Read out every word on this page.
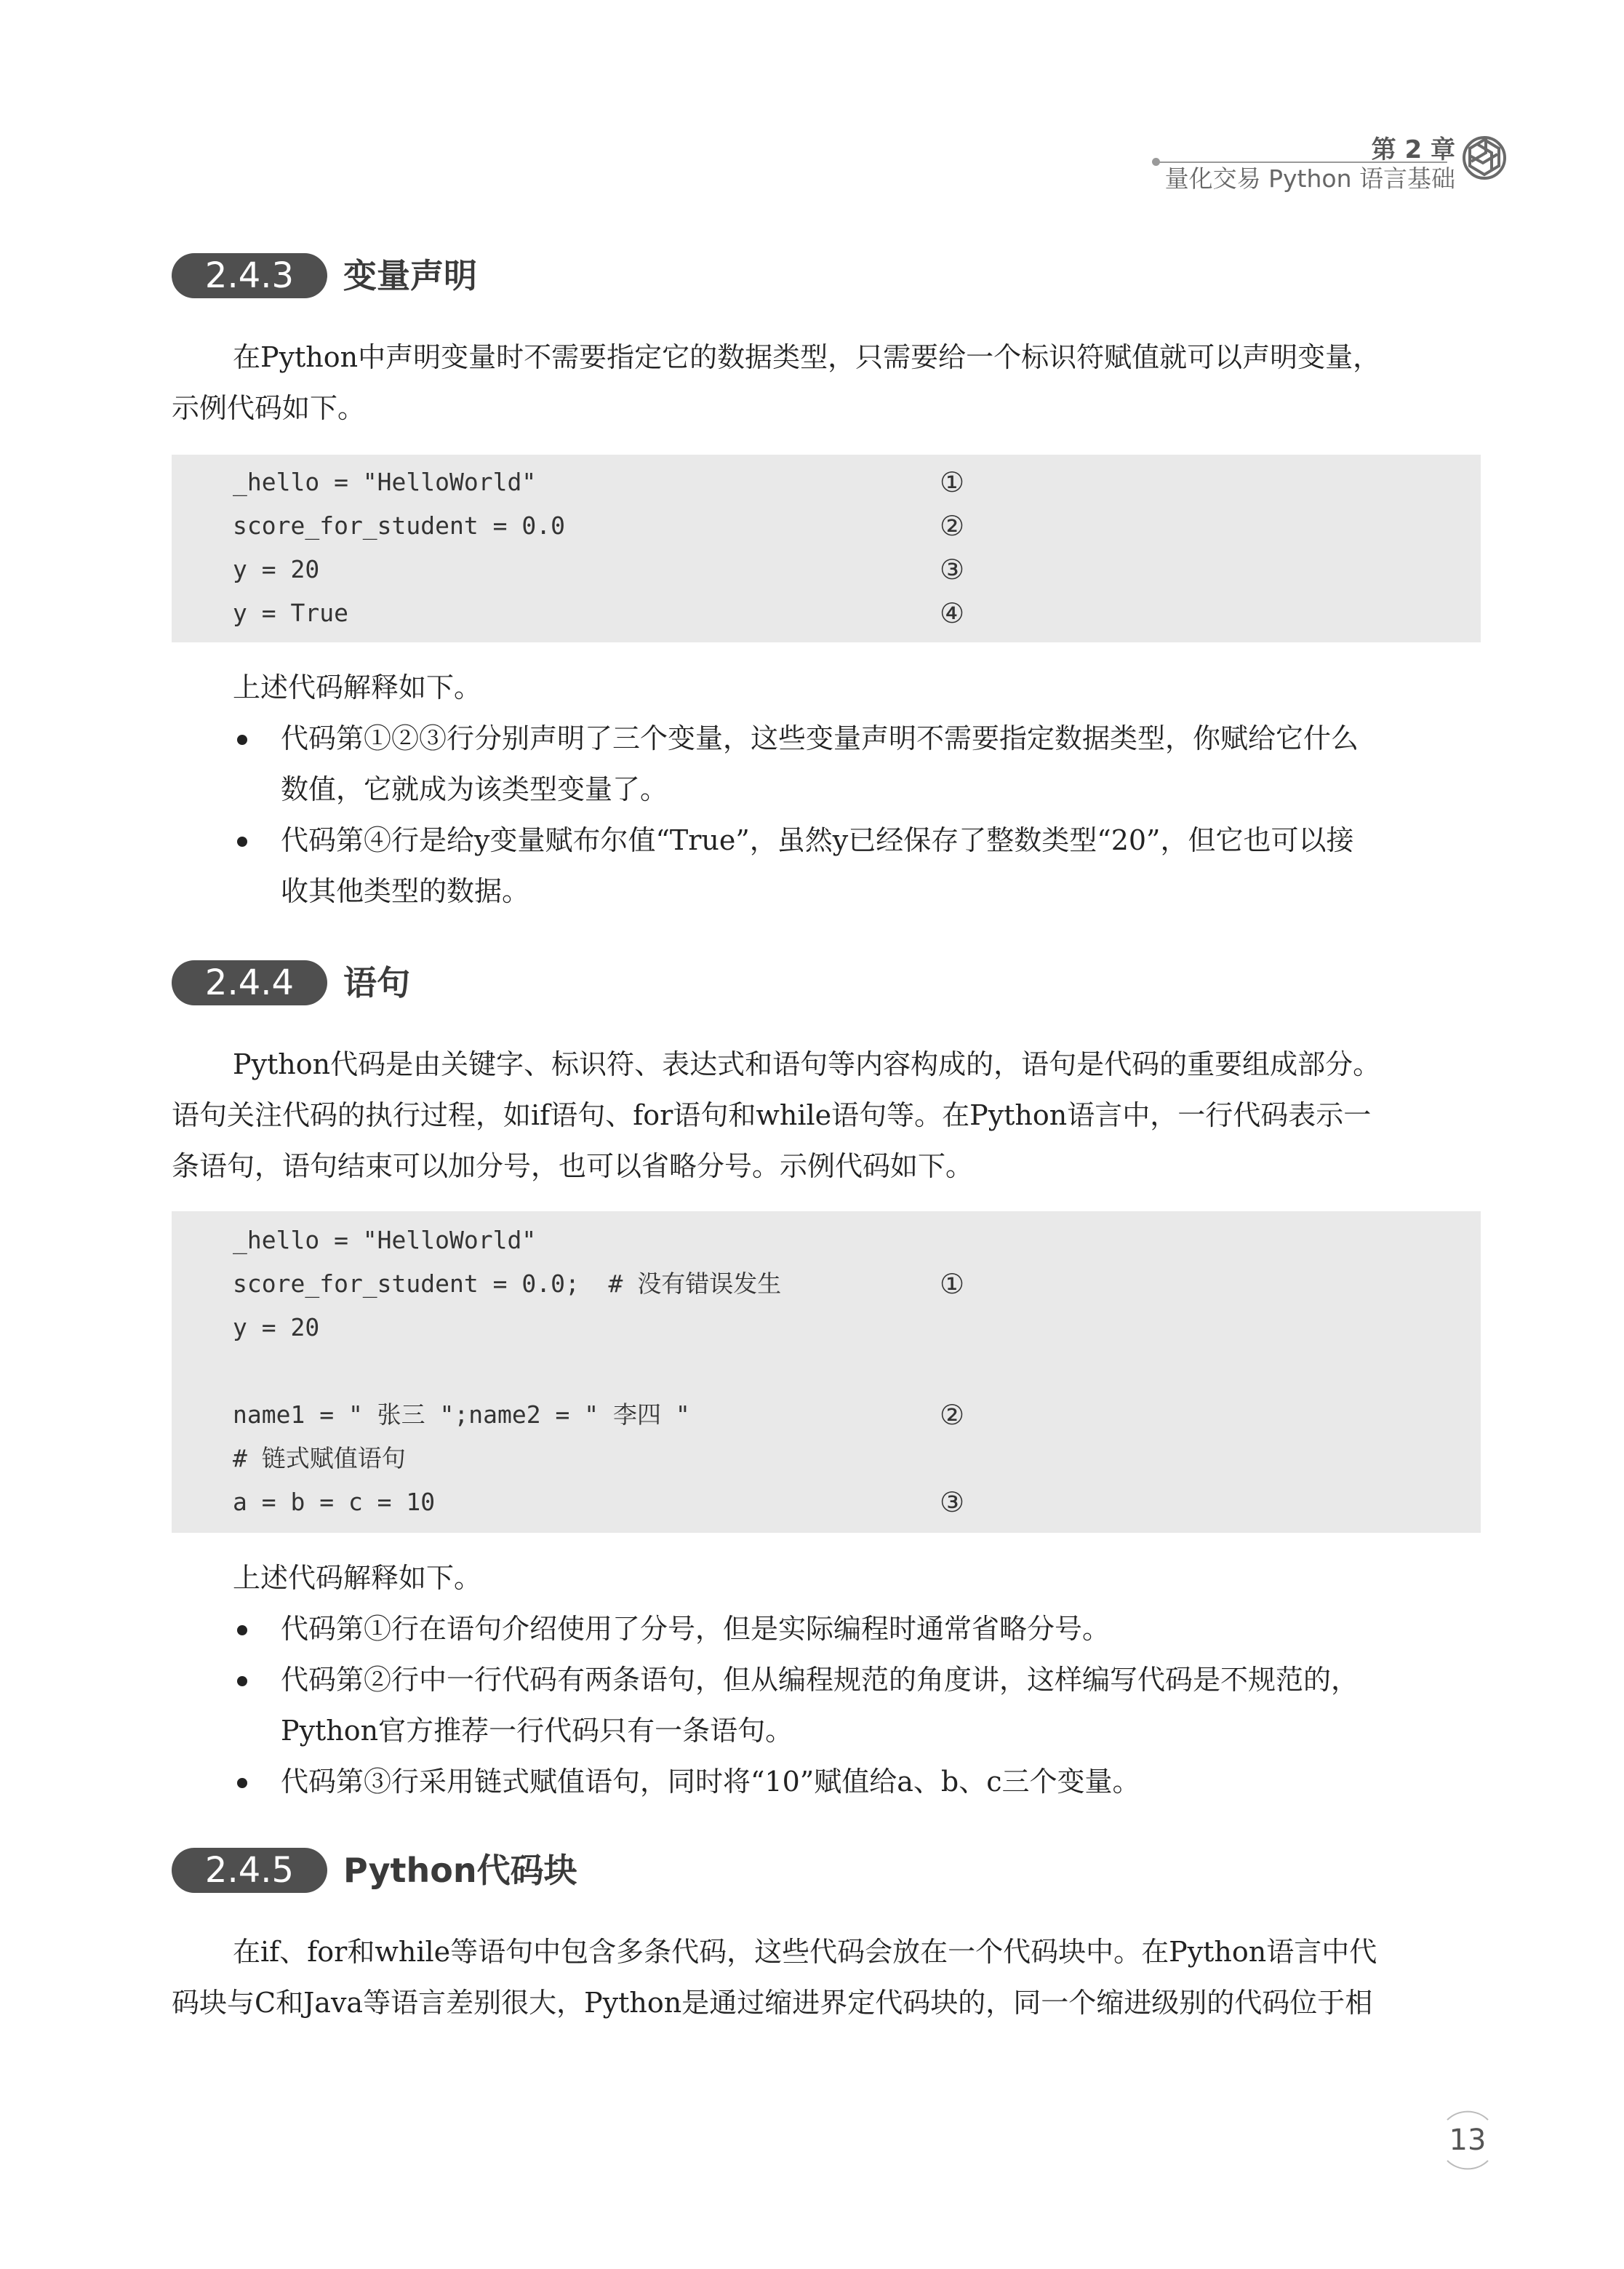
第 2 章
量化交易 Python 语言基础
2.4.3	变量声明
在Python中声明变量时不需要指定它的数据类型，只需要给一个标识符赋值就可以声明变量，
示例代码如下。
_hello = "HelloWorld"	①
score_for_student = 0.0	②
y = 20	③
y = True	④
上述代码解释如下。
代码第①②③行分别声明了三个变量，这些变量声明不需要指定数据类型，你赋给它什么
数值，它就成为该类型变量了。
代码第④行是给y变量赋布尔值“True”，虽然y已经保存了整数类型“20”，但它也可以接
收其他类型的数据。
2.4.4	语句
Python代码是由关键字、标识符、表达式和语句等内容构成的，语句是代码的重要组成部分。
语句关注代码的执行过程，如if语句、for语句和while语句等。在Python语言中，一行代码表示一
条语句，语句结束可以加分号，也可以省略分号。示例代码如下。
_hello = "HelloWorld"
score_for_student = 0.0;  # 没有错误发生	①
y = 20
name1 = " 张三 ";name2 = " 李四 "	②
# 链式赋值语句
a = b = c = 10	③
上述代码解释如下。
代码第①行在语句介绍使用了分号，但是实际编程时通常省略分号。
代码第②行中一行代码有两条语句，但从编程规范的角度讲，这样编写代码是不规范的，
Python官方推荐一行代码只有一条语句。
代码第③行采用链式赋值语句，同时将“10”赋值给a、b、c三个变量。
2.4.5	Python代码块
在if、for和while等语句中包含多条代码，这些代码会放在一个代码块中。在Python语言中代
码块与C和Java等语言差别很大，Python是通过缩进界定代码块的，同一个缩进级别的代码位于相
13
